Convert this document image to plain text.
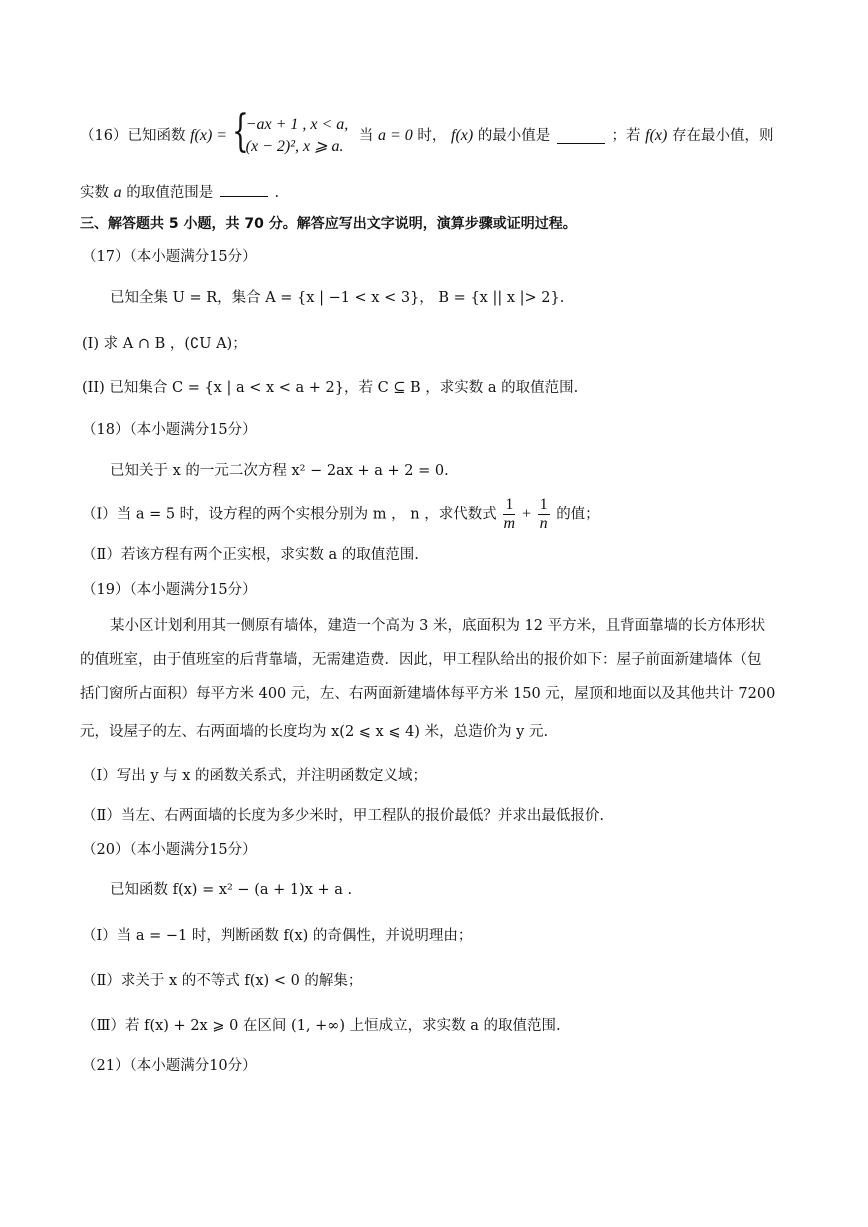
（16）已知函数 f(x) = {
−ax + 1 , x < a,
(x − 2)², x ⩾ a.
当 a = 0 时， f(x) 的最小值是	；若 f(x) 存在最小值，则
实数 a 的取值范围是	.
三、解答题共 5 小题，共 70 分。解答应写出文字说明，演算步骤或证明过程。
（17）（本小题满分15分）
已知全集 U = R，集合 A = {x | −1 < x < 3}， B = {x || x |> 2}.
(I) 求 A ∩ B ，(∁U A)；
(II) 已知集合 C = {x | a < x < a + 2}，若 C ⊆ B ，求实数 a 的取值范围.
（18）（本小题满分15分）
已知关于 x 的一元二次方程 x² − 2ax + a + 2 = 0.
（Ⅰ）当 a = 5 时，设方程的两个实根分别为 m ， n ，求代数式 $\frac{1}{m} + \frac{1}{n}$ 的值；
（Ⅱ）若该方程有两个正实根，求实数 a 的取值范围.
（19）（本小题满分15分）
某小区计划利用其一侧原有墙体，建造一个高为 3 米，底面积为 12 平方米，且背面靠墙的长方体形状
的值班室，由于值班室的后背靠墙，无需建造费．因此，甲工程队给出的报价如下：屋子前面新建墙体（包
括门窗所占面积）每平方米 400 元，左、右两面新建墙体每平方米 150 元，屋顶和地面以及其他共计 7200
元，设屋子的左、右两面墙的长度均为 x(2 ⩽ x ⩽ 4) 米，总造价为 y 元.
（Ⅰ）写出 y 与 x 的函数关系式，并注明函数定义域；
（Ⅱ）当左、右两面墙的长度为多少米时，甲工程队的报价最低？并求出最低报价.
（20）（本小题满分15分）
已知函数 f(x) = x² − (a + 1)x + a .
（Ⅰ）当 a = −1 时，判断函数 f(x) 的奇偶性，并说明理由；
（Ⅱ）求关于 x 的不等式 f(x) < 0 的解集；
（Ⅲ）若 f(x) + 2x ⩾ 0 在区间 (1, +∞) 上恒成立，求实数 a 的取值范围.
（21）（本小题满分10分）
